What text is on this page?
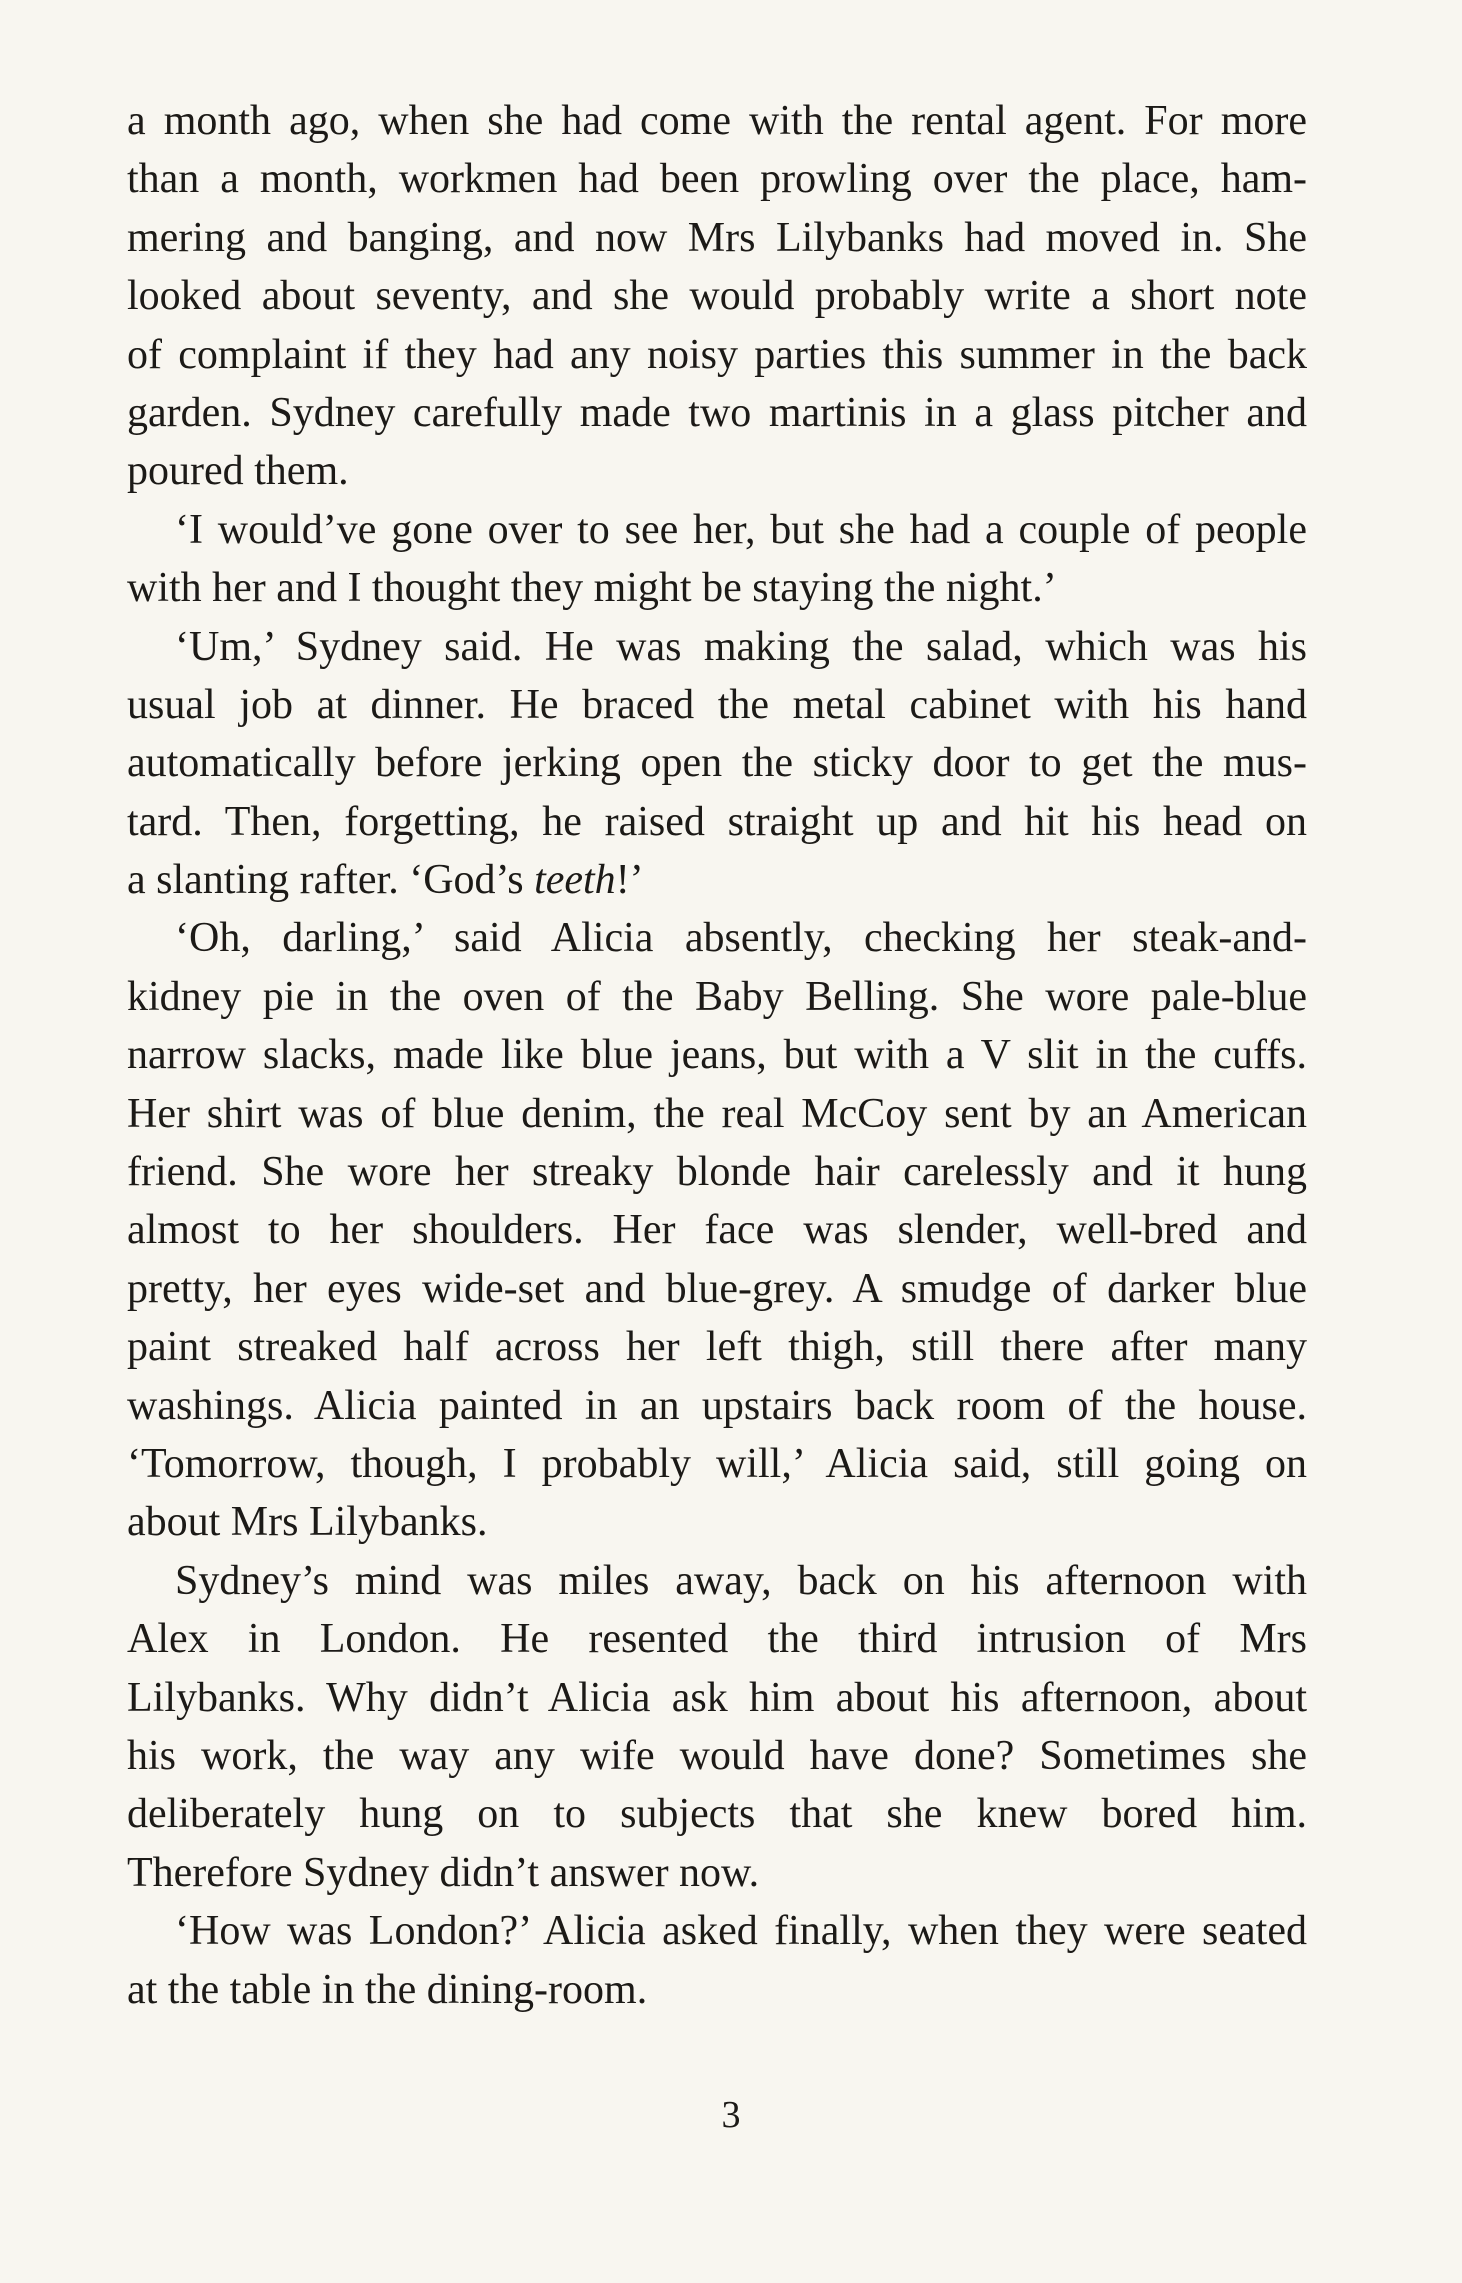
a month ago, when she had come with the rental agent. For more
than a month, workmen had been prowling over the place, ham-
mering and banging, and now Mrs Lilybanks had moved in. She
looked about seventy, and she would probably write a short note
of complaint if they had any noisy parties this summer in the back
garden. Sydney carefully made two martinis in a glass pitcher and
poured them.
‘I would’ve gone over to see her, but she had a couple of people
with her and I thought they might be staying the night.’
‘Um,’ Sydney said. He was making the salad, which was his
usual job at dinner. He braced the metal cabinet with his hand
automatically before jerking open the sticky door to get the mus-
tard. Then, forgetting, he raised straight up and hit his head on
a slanting rafter. ‘God’s teeth!’
‘Oh, darling,’ said Alicia absently, checking her steak-and-
kidney pie in the oven of the Baby Belling. She wore pale-blue
narrow slacks, made like blue jeans, but with a V slit in the cuffs.
Her shirt was of blue denim, the real McCoy sent by an American
friend. She wore her streaky blonde hair carelessly and it hung
almost to her shoulders. Her face was slender, well-bred and
pretty, her eyes wide-set and blue-grey. A smudge of darker blue
paint streaked half across her left thigh, still there after many
washings. Alicia painted in an upstairs back room of the house.
‘Tomorrow, though, I probably will,’ Alicia said, still going on
about Mrs Lilybanks.
Sydney’s mind was miles away, back on his afternoon with
Alex in London. He resented the third intrusion of Mrs
Lilybanks. Why didn’t Alicia ask him about his afternoon, about
his work, the way any wife would have done? Sometimes she
deliberately hung on to subjects that she knew bored him.
Therefore Sydney didn’t answer now.
‘How was London?’ Alicia asked finally, when they were seated
at the table in the dining-room.
3
